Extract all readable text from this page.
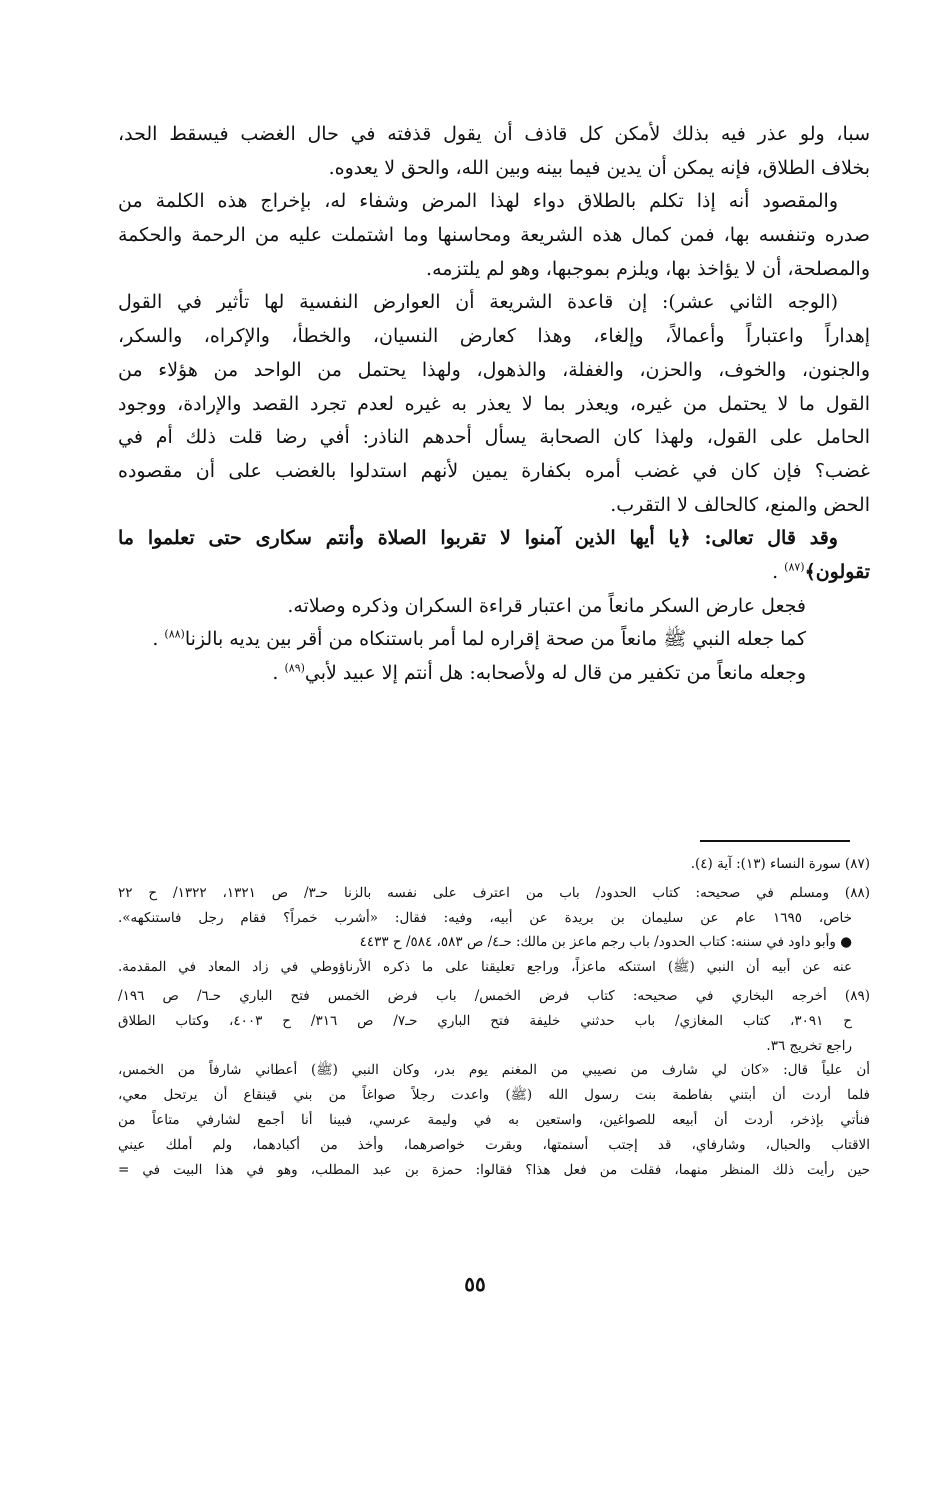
سبا، ولو عذر فيه بذلك لأمكن كل قاذف أن يقول قذفته في حال الغضب فيسقط الحد،
بخلاف الطلاق، فإنه يمكن أن يدين فيما بينه وبين الله، والحق لا يعدوه.
والمقصود أنه إذا تكلم بالطلاق دواء لهذا المرض وشفاء له، بإخراج هذه الكلمة من
صدره وتنفسه بها، فمن كمال هذه الشريعة ومحاسنها وما اشتملت عليه من الرحمة والحكمة
والمصلحة، أن لا يؤاخذ بها، ويلزم بموجبها، وهو لم يلتزمه.
(الوجه الثاني عشر): إن قاعدة الشريعة أن العوارض النفسية لها تأثير في القول
إهداراً واعتباراً وأعمالاً، وإلغاء، وهذا كعارض النسيان، والخطأ، والإكراه، والسكر،
والجنون، والخوف، والحزن، والغفلة، والذهول، ولهذا يحتمل من الواحد من هؤلاء من
القول ما لا يحتمل من غيره، ويعذر بما لا يعذر به غيره لعدم تجرد القصد والإرادة، ووجود
الحامل على القول، ولهذا كان الصحابة يسأل أحدهم الناذر: أفي رضا قلت ذلك أم في
غضب؟ فإن كان في غضب أمره بكفارة يمين لأنهم استدلوا بالغضب على أن مقصوده
الحض والمنع، كالحالف لا التقرب.
وقد قال تعالى: ﴿يا أيها الذين آمنوا لا تقربوا الصلاة وأنتم سكارى حتى تعلموا ما
تقولون﴾$^{(٨٧)}$ .
فجعل عارض السكر مانعاً من اعتبار قراءة السكران وذكره وصلاته.
كما جعله النبي ﷺ مانعاً من صحة إقراره لما أمر باستنكاه من أقر بين يديه بالزنا$^{(٨٨)}$ .
وجعله مانعاً من تكفير من قال له ولأصحابه: هل أنتم إلا عبيد لأبي$^{(٨٩)}$ .
(٨٧) سورة النساء (١٣): آية (٤).
(٨٨) ومسلم في صحيحه: كتاب الحدود/ باب من اعترف على نفسه بالزنا حـ٣/ ص ١٣٢١، ١٣٢٢/ ح ٢٢
خاص، ١٦٩٥ عام عن سليمان بن بريدة عن أبيه، وفيه: فقال: «أشرب خمراً؟ فقام رجل فاستنكهه».
● وأبو داود في سننه: كتاب الحدود/ باب رجم ماعز بن مالك: حـ٤/ ص ٥٨٣، ٥٨٤/ ح ٤٤٣٣
عنه عن أبيه أن النبي (ﷺ) استنكه ماعزاً، وراجع تعليقنا على ما ذكره الأرناؤوطي في زاد المعاد في المقدمة.
(٨٩) أخرجه البخاري في صحيحه: كتاب فرض الخمس/ باب فرض الخمس فتح الباري حـ٦/ ص ١٩٦/
ح ٣٠٩١، كتاب المغازي/ باب حدثني خليفة فتح الباري حـ٧/ ص ٣١٦/ ح ٤٠٠٣، وكتاب الطلاق
راجع تخريج ٣٦.
أن علياً قال: «كان لي شارف من نصيبي من المغنم يوم بدر، وكان النبي (ﷺ) أعطاني شارفاً من الخمس،
فلما أردت أن أبتني بفاطمة بنت رسول الله (ﷺ) واعدت رجلاً صواغاً من بني قينقاع أن يرتحل معي،
فنأتي بإذخر، أردت أن أبيعه للصواغين، واستعين به في وليمة عرسي، فبينا أنا أجمع لشارفي متاعاً من
الاقتاب والحبال، وشارفاي، قد إجتب أسنمتها، وبقرت خواصرهما، وأخذ من أكبادهما، ولم أملك عيني
حين رأيت ذلك المنظر منهما، فقلت من فعل هذا؟ فقالوا: حمزة بن عبد المطلب، وهو في هذا البيت في =
٥٥
